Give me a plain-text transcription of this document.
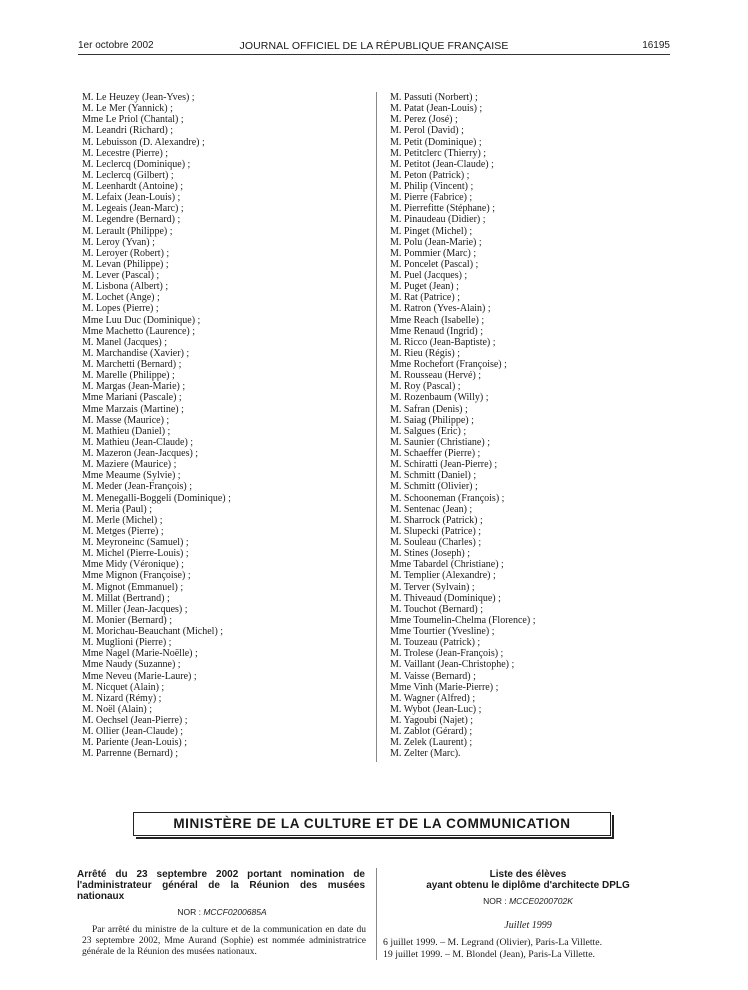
1er octobre 2002	JOURNAL OFFICIEL DE LA RÉPUBLIQUE FRANÇAISE	16195
M. Le Heuzey (Jean-Yves) ;
M. Le Mer (Yannick) ;
Mme Le Priol (Chantal) ;
M. Leandri (Richard) ;
M. Lebuisson (D. Alexandre) ;
M. Lecestre (Pierre) ;
M. Leclercq (Dominique) ;
M. Leclercq (Gilbert) ;
M. Leenhardt (Antoine) ;
M. Lefaix (Jean-Louis) ;
M. Legeais (Jean-Marc) ;
M. Legendre (Bernard) ;
M. Lerault (Philippe) ;
M. Leroy (Yvan) ;
M. Leroyer (Robert) ;
M. Levan (Philippe) ;
M. Lever (Pascal) ;
M. Lisbona (Albert) ;
M. Lochet (Ange) ;
M. Lopes (Pierre) ;
Mme Luu Duc (Dominique) ;
Mme Machetto (Laurence) ;
M. Manel (Jacques) ;
M. Marchandise (Xavier) ;
M. Marchetti (Bernard) ;
M. Marelle (Philippe) ;
M. Margas (Jean-Marie) ;
Mme Mariani (Pascale) ;
Mme Marzais (Martine) ;
M. Masse (Maurice) ;
M. Mathieu (Daniel) ;
M. Mathieu (Jean-Claude) ;
M. Mazeron (Jean-Jacques) ;
M. Maziere (Maurice) ;
Mme Meaume (Sylvie) ;
M. Meder (Jean-François) ;
M. Menegalli-Boggeli (Dominique) ;
M. Meria (Paul) ;
M. Merle (Michel) ;
M. Metges (Pierre) ;
M. Meyroneinc (Samuel) ;
M. Michel (Pierre-Louis) ;
Mme Midy (Véronique) ;
Mme Mignon (Françoise) ;
M. Mignot (Emmanuel) ;
M. Millat (Bertrand) ;
M. Miller (Jean-Jacques) ;
M. Monier (Bernard) ;
M. Morichau-Beauchant (Michel) ;
M. Muglioni (Pierre) ;
Mme Nagel (Marie-Noëlle) ;
Mme Naudy (Suzanne) ;
Mme Neveu (Marie-Laure) ;
M. Nicquet (Alain) ;
M. Nizard (Rémy) ;
M. Noël (Alain) ;
M. Oechsel (Jean-Pierre) ;
M. Ollier (Jean-Claude) ;
M. Pariente (Jean-Louis) ;
M. Parrenne (Bernard) ;
M. Passuti (Norbert) ;
M. Patat (Jean-Louis) ;
M. Perez (José) ;
M. Perol (David) ;
M. Petit (Dominique) ;
M. Petitclerc (Thierry) ;
M. Petitot (Jean-Claude) ;
M. Peton (Patrick) ;
M. Philip (Vincent) ;
M. Pierre (Fabrice) ;
M. Pierrefitte (Stéphane) ;
M. Pinaudeau (Didier) ;
M. Pinget (Michel) ;
M. Polu (Jean-Marie) ;
M. Pommier (Marc) ;
M. Poncelet (Pascal) ;
M. Puel (Jacques) ;
M. Puget (Jean) ;
M. Rat (Patrice) ;
M. Ratron (Yves-Alain) ;
Mme Reach (Isabelle) ;
Mme Renaud (Ingrid) ;
M. Ricco (Jean-Baptiste) ;
M. Rieu (Régis) ;
Mme Rochefort (Françoise) ;
M. Rousseau (Hervé) ;
M. Roy (Pascal) ;
M. Rozenbaum (Willy) ;
M. Safran (Denis) ;
M. Saiag (Philippe) ;
M. Salgues (Eric) ;
M. Saunier (Christiane) ;
M. Schaeffer (Pierre) ;
M. Schiratti (Jean-Pierre) ;
M. Schmitt (Daniel) ;
M. Schmitt (Olivier) ;
M. Schooneman (François) ;
M. Sentenac (Jean) ;
M. Sharrock (Patrick) ;
M. Slupecki (Patrice) ;
M. Souleau (Charles) ;
M. Stines (Joseph) ;
Mme Tabardel (Christiane) ;
M. Templier (Alexandre) ;
M. Terver (Sylvain) ;
M. Thiveaud (Dominique) ;
M. Touchot (Bernard) ;
Mme Toumelin-Chelma (Florence) ;
Mme Tourtier (Yvesline) ;
M. Touzeau (Patrick) ;
M. Trolese (Jean-François) ;
M. Vaillant (Jean-Christophe) ;
M. Vaisse (Bernard) ;
Mme Vinh (Marie-Pierre) ;
M. Wagner (Alfred) ;
M. Wybot (Jean-Luc) ;
M. Yagoubi (Najet) ;
M. Zablot (Gérard) ;
M. Zelek (Laurent) ;
M. Zelter (Marc).
MINISTÈRE DE LA CULTURE ET DE LA COMMUNICATION
Arrêté du 23 septembre 2002 portant nomination de l'administrateur général de la Réunion des musées nationaux
NOR : MCCF0200685A
Par arrêté du ministre de la culture et de la communication en date du 23 septembre 2002, Mme Aurand (Sophie) est nommée administratrice générale de la Réunion des musées nationaux.
Liste des élèves
ayant obtenu le diplôme d'architecte DPLG
NOR : MCCE0200702K
Juillet 1999
6 juillet 1999. – M. Legrand (Olivier), Paris-La Villette.
19 juillet 1999. – M. Blondel (Jean), Paris-La Villette.
